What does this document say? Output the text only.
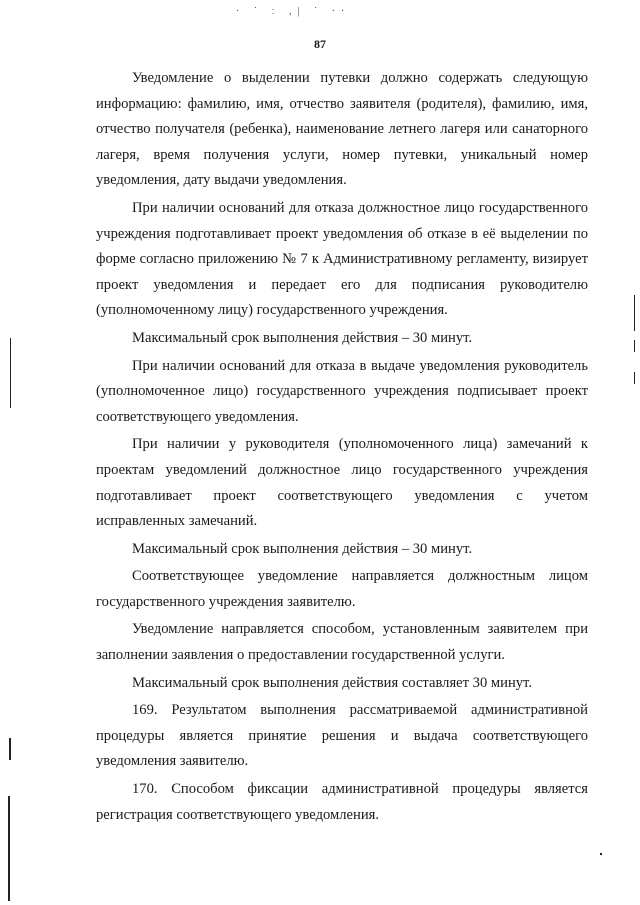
· ˙ ː ,| ˙ ‧‧
87

Уведомление о выделении путевки должно содержать следующую информацию: фамилию, имя, отчество заявителя (родителя), фамилию, имя, отчество получателя (ребенка), наименование летнего лагеря или санаторного лагеря, время получения услуги, номер путевки, уникальный номер уведомления, дату выдачи уведомления.

При наличии оснований для отказа должностное лицо государственного учреждения подготавливает проект уведомления об отказе в её выделении по форме согласно приложению № 7 к Административному регламенту, визирует проект уведомления и передает его для подписания руководителю (уполномоченному лицу) государственного учреждения.

Максимальный срок выполнения действия – 30 минут.

При наличии оснований для отказа в выдаче уведомления руководитель (уполномоченное лицо) государственного учреждения подписывает проект соответствующего уведомления.

При наличии у руководителя (уполномоченного лица) замечаний к проектам уведомлений должностное лицо государственного учреждения подготавливает проект соответствующего уведомления с учетом исправленных замечаний.

Максимальный срок выполнения действия – 30 минут.

Соответствующее уведомление направляется должностным лицом государственного учреждения заявителю.

Уведомление направляется способом, установленным заявителем при заполнении заявления о предоставлении государственной услуги.

Максимальный срок выполнения действия составляет 30 минут.

169. Результатом выполнения рассматриваемой административной процедуры является принятие решения и выдача соответствующего уведомления заявителю.

170. Способом фиксации административной процедуры является регистрация соответствующего уведомления.
